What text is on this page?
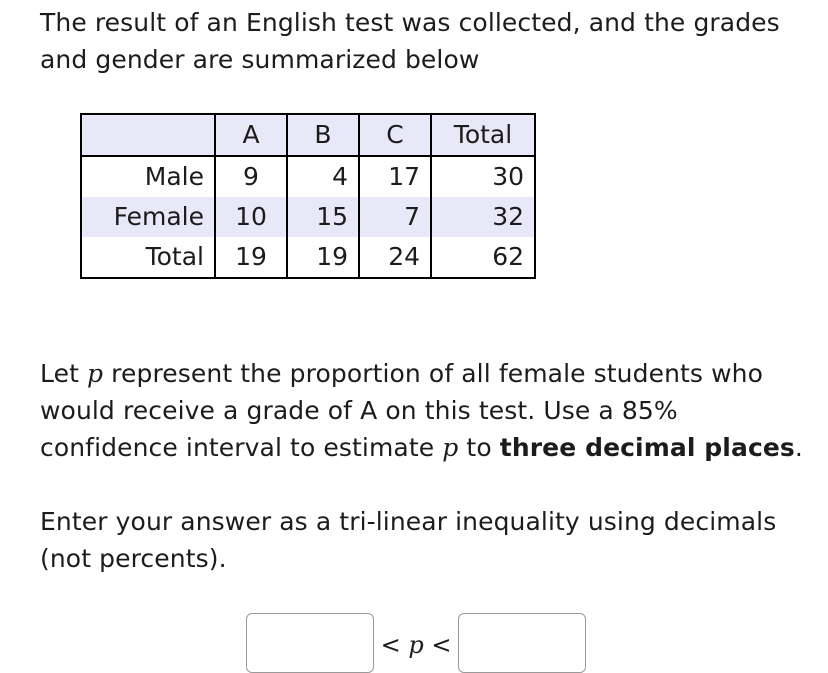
The result of an English test was collected, and the grades and gender are summarized below

	A	B	C	Total
Male	9	4	17	30
Female	10	15	7	32
Total	19	19	24	62

Let p represent the proportion of all female students who would receive a grade of A on this test. Use a 85% confidence interval to estimate p to three decimal places.

Enter your answer as a tri-linear inequality using decimals (not percents).

< p <
